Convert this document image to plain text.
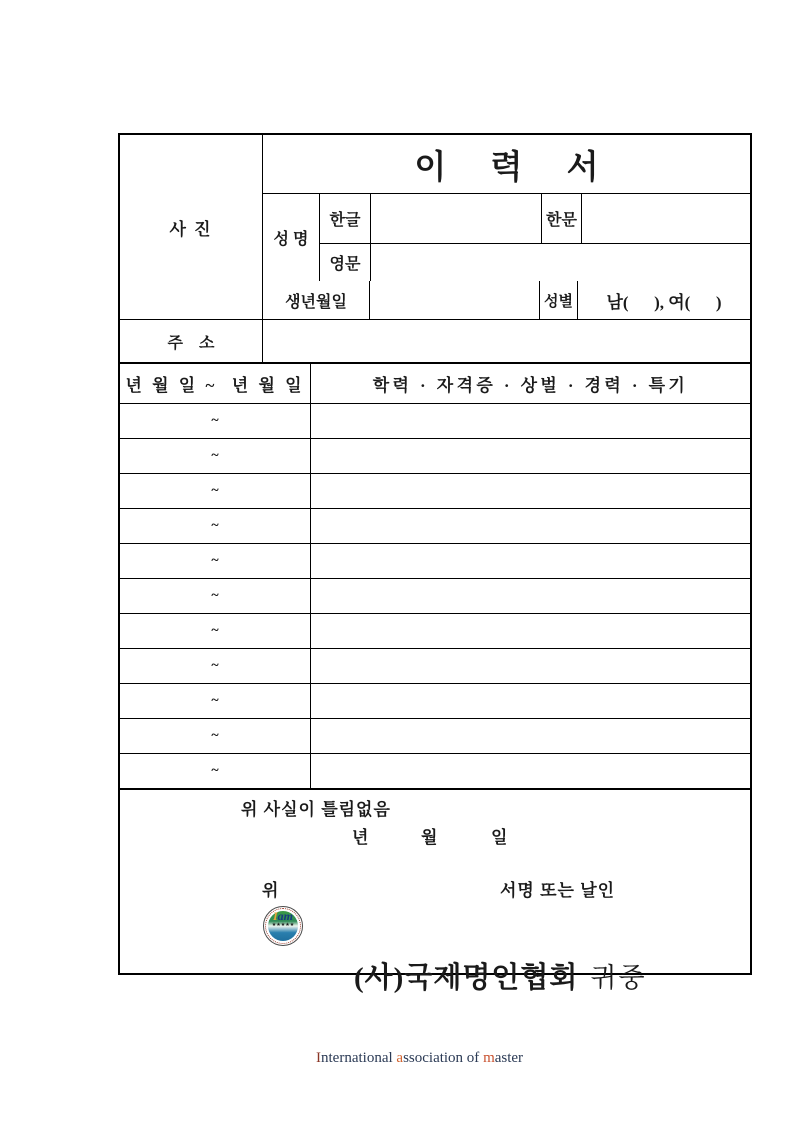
사 진
이 력 서
성 명
한글	한문
영문
생년월일	성별	남(      ), 여(      )
주    소
년 월 일 ~  년 월 일	학력 · 자격증 · 상벌 · 경력 · 특기
~
~
~
~
~
~
~
~
~
~
~
위 사실이 틀림없음
년	월	일
위	서명 또는 날인

Iam

★★★★★

(사)국제명인협회 귀중

International association of master
